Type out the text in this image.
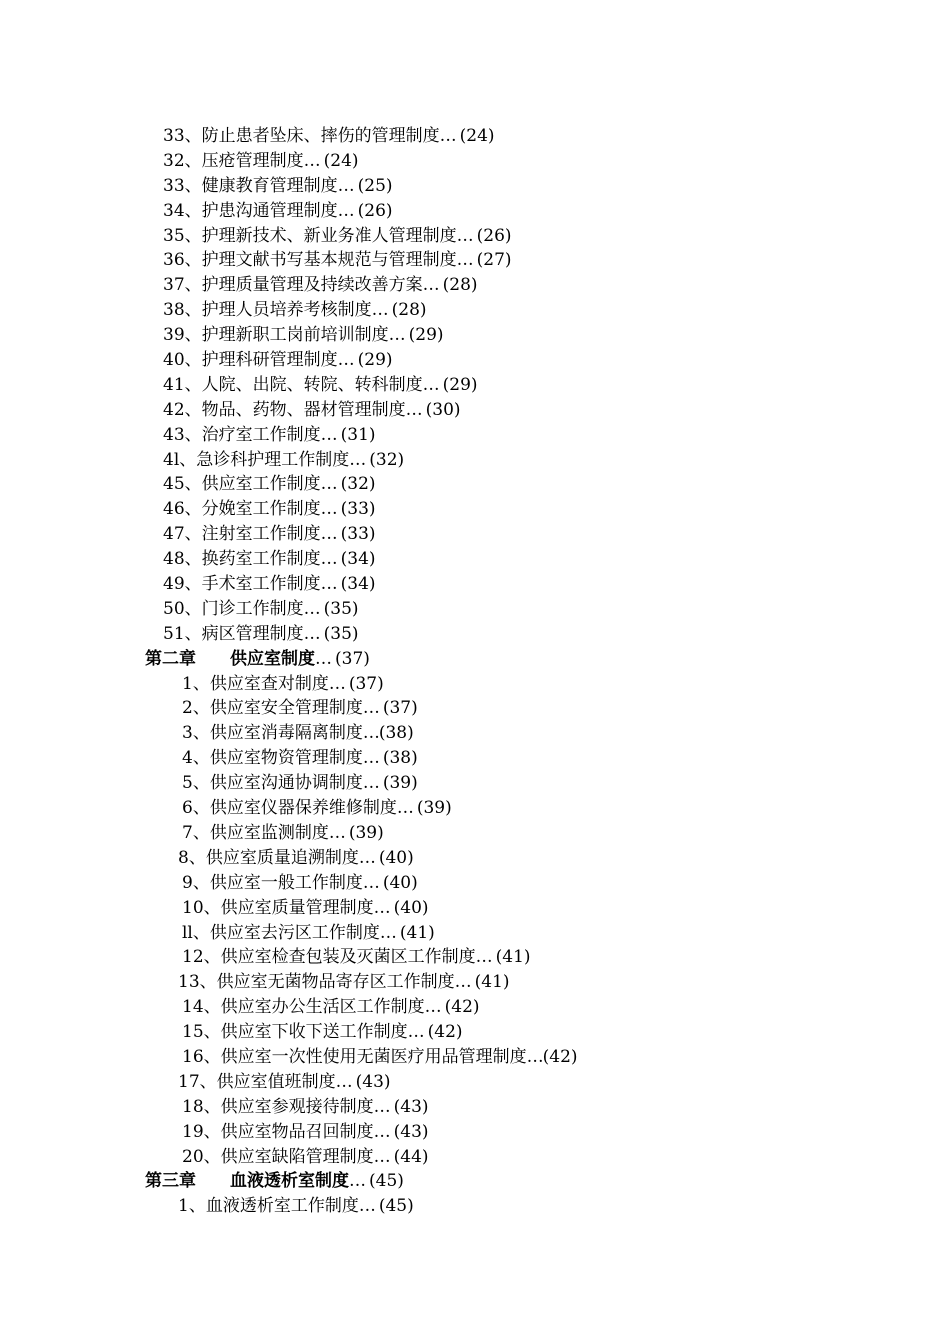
33、防止患者坠床、摔伤的管理制度… (24)
32、压疮管理制度… (24)
33、健康教育管理制度… (25)
34、护患沟通管理制度… (26)
35、护理新技术、新业务准人管理制度… (26)
36、护理文献书写基本规范与管理制度… (27)
37、护理质量管理及持续改善方案… (28)
38、护理人员培养考核制度… (28)
39、护理新职工岗前培训制度… (29)
40、护理科研管理制度… (29)
41、人院、出院、转院、转科制度… (29)
42、物品、药物、器材管理制度… (30)
43、治疗室工作制度… (31)
4l、急诊科护理工作制度… (32)
45、供应室工作制度… (32)
46、分娩室工作制度… (33)
47、注射室工作制度… (33)
48、换药室工作制度… (34)
49、手术室工作制度… (34)
50、门诊工作制度… (35)
51、病区管理制度… (35)
第二章　　供应室制度… (37)
1、供应室查对制度… (37)
2、供应室安全管理制度… (37)
3、供应室消毒隔离制度…(38)
4、供应室物资管理制度… (38)
5、供应室沟通协调制度… (39)
6、供应室仪器保养维修制度… (39)
7、供应室监测制度… (39)
8、供应室质量追溯制度… (40)
9、供应室一般工作制度… (40)
10、供应室质量管理制度… (40)
ll、供应室去污区工作制度… (41)
12、供应室检查包装及灭菌区工作制度… (41)
13、供应室无菌物品寄存区工作制度… (41)
14、供应室办公生活区工作制度… (42)
15、供应室下收下送工作制度… (42)
16、供应室一次性使用无菌医疗用品管理制度…(42)
17、供应室值班制度… (43)
18、供应室参观接待制度… (43)
19、供应室物品召回制度… (43)
20、供应室缺陷管理制度… (44)
第三章　　血液透析室制度… (45)
1、血液透析室工作制度… (45)
